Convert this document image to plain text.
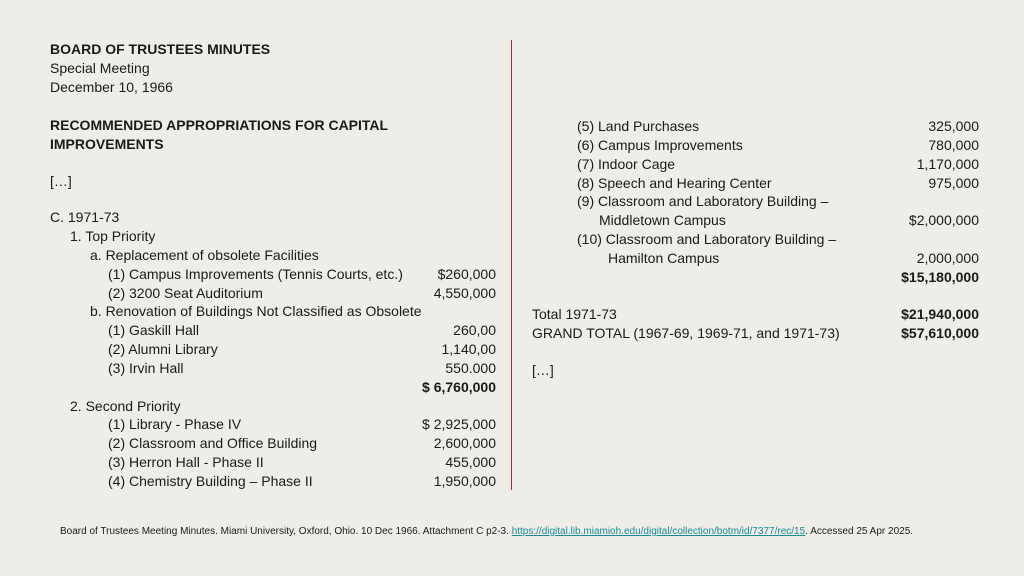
BOARD OF TRUSTEES MINUTES
Special Meeting
December 10, 1966
RECOMMENDED APPROPRIATIONS FOR CAPITAL
IMPROVEMENTS
[…]
C. 1971-73
1. Top Priority
a. Replacement of obsolete Facilities
(1) Campus Improvements (Tennis Courts, etc.) $260,000
(2) 3200 Seat Auditorium	4,550,000
b. Renovation of Buildings Not Classified as Obsolete
(1) Gaskill Hall	260,00
(2) Alumni Library	1,140,00
(3) Irvin Hall	550.000
$ 6,760,000
2. Second Priority
(1) Library - Phase IV	$ 2,925,000
(2) Classroom and Office Building	2,600,000
(3) Herron Hall - Phase II	455,000
(4) Chemistry Building – Phase II	1,950,000
(5) Land Purchases	325,000
(6) Campus Improvements	780,000
(7) Indoor Cage	1,170,000
(8) Speech and Hearing Center	975,000
(9) Classroom and Laboratory Building –
Middletown Campus	$2,000,000
(10) Classroom and Laboratory Building –
Hamilton Campus	2,000,000
$15,180,000
Total 1971-73	$21,940,000
GRAND TOTAL (1967-69, 1969-71, and 1971-73)	$57,610,000
[…]
Board of Trustees Meeting Minutes. Miami University, Oxford, Ohio. 10 Dec 1966. Attachment C p2-3. https://digital.lib.miamioh.edu/digital/collection/botm/id/7377/rec/15. Accessed 25 Apr 2025.
